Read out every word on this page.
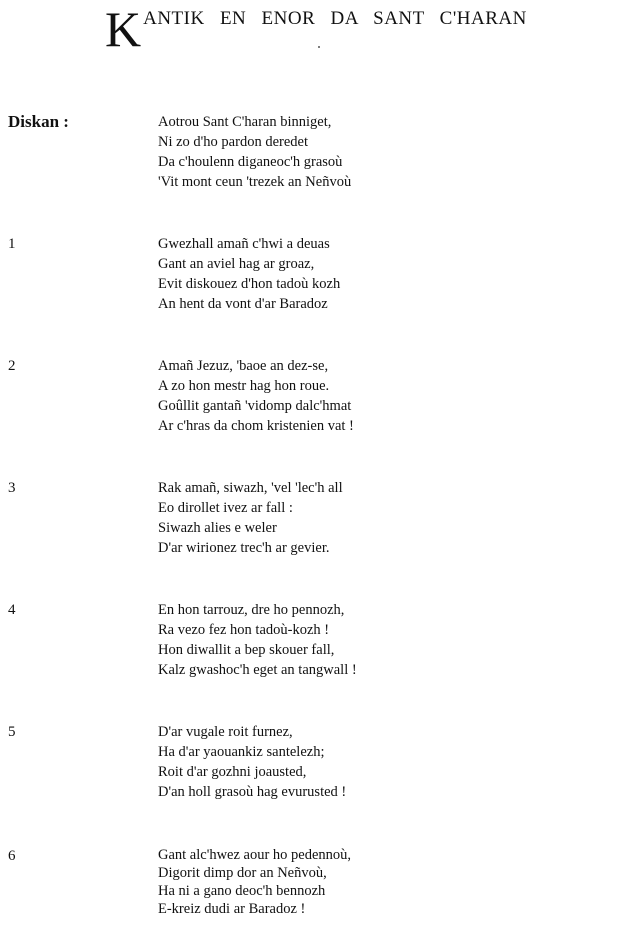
K ANTIK EN ENOR DA SANT C'HARAN
Diskan :	Aotrou Sant C'haran binniget,
Ni zo d'ho pardon deredet
Da c'houlenn diganeoc'h grasoù
'Vit mont ceun 'trezek an Neñvoù
1	Gwezhall amañ c'hwi a deuas
Gant an aviel hag ar groaz,
Evit diskouez d'hon tadoù kozh
An hent da vont d'ar Baradoz
2	Amañ Jezuz, 'baoe an dez-se,
A zo hon mestr hag hon roue.
Goûllit gantañ 'vidomp dalc'hmat
Ar c'hras da chom kristenien vat !
3	Rak amañ, siwazh, 'vel 'lec'h all
Eo dirollet ivez ar fall :
Siwazh alies e weler
D'ar wirionez trec'h ar gevier.
4	En hon tarrouz, dre ho pennozh,
Ra vezo fez hon tadoù-kozh !
Hon diwallit a bep skouer fall,
Kalz gwashoc'h eget an tangwall !
5	D'ar vugale roit furnez,
Ha d'ar yaouankiz santelezh;
Roit d'ar gozhni joausted,
D'an holl grasoù hag evurusted !
6	Gant alc'hwez aour ho pedennoù,
Digorit dimp dor an Neñvoù,
Ha ni a gano deoc'h bennozh
E-kreiz dudi ar Baradoz !
